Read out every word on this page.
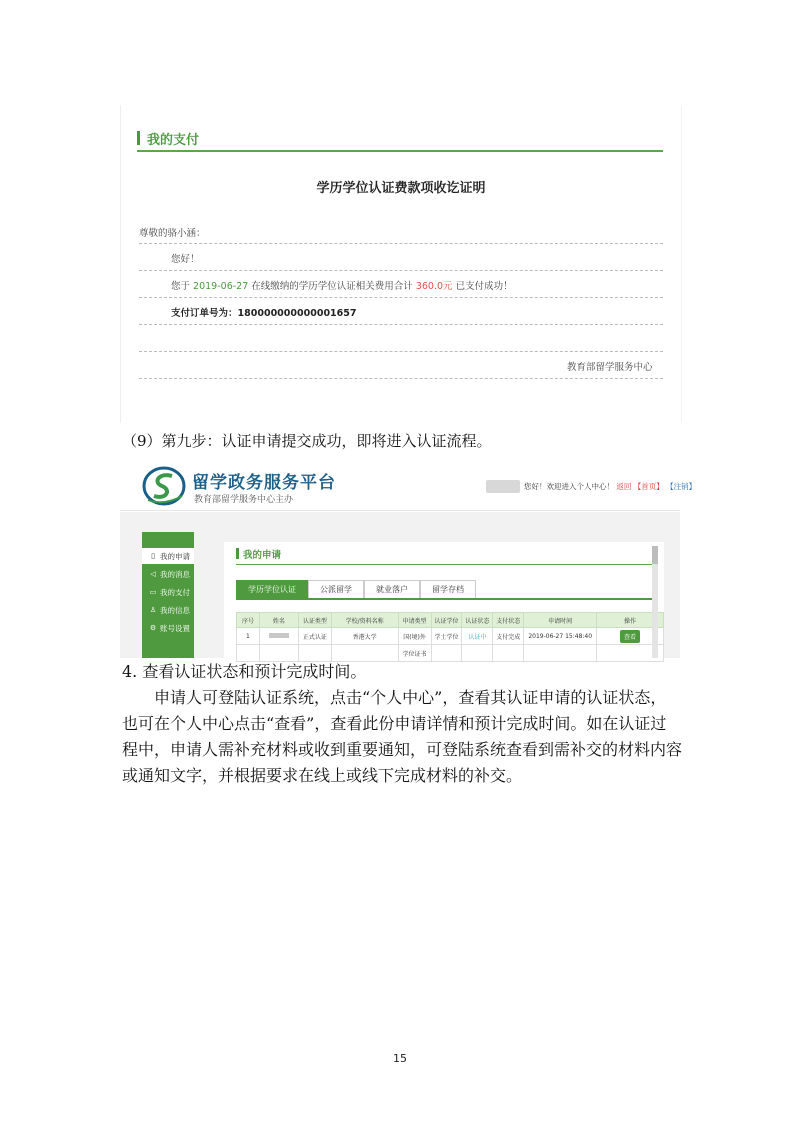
我的支付
学历学位认证费款项收讫证明
尊敬的骆小涵：
您好！
您于 2019-06-27 在线缴纳的学历学位认证相关费用合计 360.0元 已支付成功！
支付订单号为：180000000000001657
教育部留学服务中心
（9）第九步：认证申请提交成功，即将进入认证流程。
留学政务服务平台
教育部留学服务中心主办
您好！欢迎进入个人中心！ 返回 【首页】 【注销】
▯ 我的申请
◁ 我的消息
▭ 我的支付
♙ 我的信息
⚙ 账号设置
我的申请
学历学位认证	公派留学	就业落户	留学存档
序号	姓名	认证类型	学校/资料名称	申请类型	认证学位	认证状态	支付状态	申请时间	操作
1		正式认证	香港大学	国(境)外	学士学位	认证中	支付完成	2019-06-27 15:48:40	查看
				学位证书					
4. 查看认证状态和预计完成时间。
申请人可登陆认证系统，点击“个人中心”，查看其认证申请的认证状态，
也可在个人中心点击“查看”，查看此份申请详情和预计完成时间。如在认证过
程中，申请人需补充材料或收到重要通知，可登陆系统查看到需补交的材料内容
或通知文字，并根据要求在线上或线下完成材料的补交。
15
